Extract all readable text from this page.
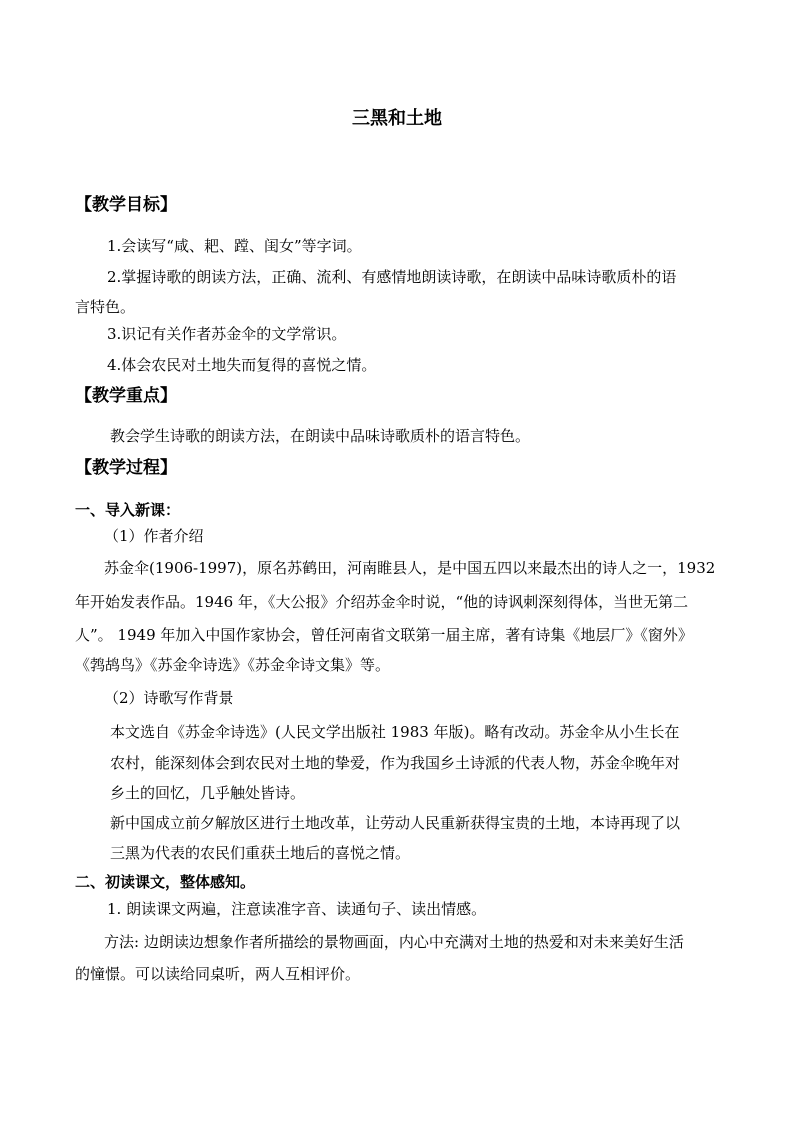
三黑和土地
【教学目标】
1.会读写“咸、耙、蹚、闺女”等字词。
2.掌握诗歌的朗读方法，正确、流利、有感情地朗读诗歌，在朗读中品味诗歌质朴的语
言特色。
3.识记有关作者苏金伞的文学常识。
4.体会农民对土地失而复得的喜悦之情。
【教学重点】
教会学生诗歌的朗读方法，在朗读中品味诗歌质朴的语言特色。
【教学过程】
一、导入新课：
（1）作者介绍
苏金伞(1906-1997)，原名苏鹤田，河南睢县人，是中国五四以来最杰出的诗人之一，1932
年开始发表作品。1946 年，《大公报》介绍苏金伞时说，“他的诗讽刺深刻得体，当世无第二
人”。 1949 年加入中国作家协会，曾任河南省文联第一届主席，著有诗集《地层厂》《窗外》
《鹁鸪鸟》《苏金伞诗选》《苏金伞诗文集》等。
（2）诗歌写作背景
本文选自《苏金伞诗选》(人民文学出版社 1983 年版)。略有改动。苏金伞从小生长在
农村，能深刻体会到农民对土地的挚爱，作为我国乡土诗派的代表人物，苏金伞晚年对
乡土的回忆，几乎触处皆诗。
新中国成立前夕解放区进行土地改革，让劳动人民重新获得宝贵的土地，本诗再现了以
三黑为代表的农民们重获土地后的喜悦之情。
二、初读课文，整体感知。
1. 朗读课文两遍，注意读准字音、读通句子、读出情感。
方法: 边朗读边想象作者所描绘的景物画面，内心中充满对土地的热爱和对未来美好生活
的憧憬。可以读给同桌听，两人互相评价。
